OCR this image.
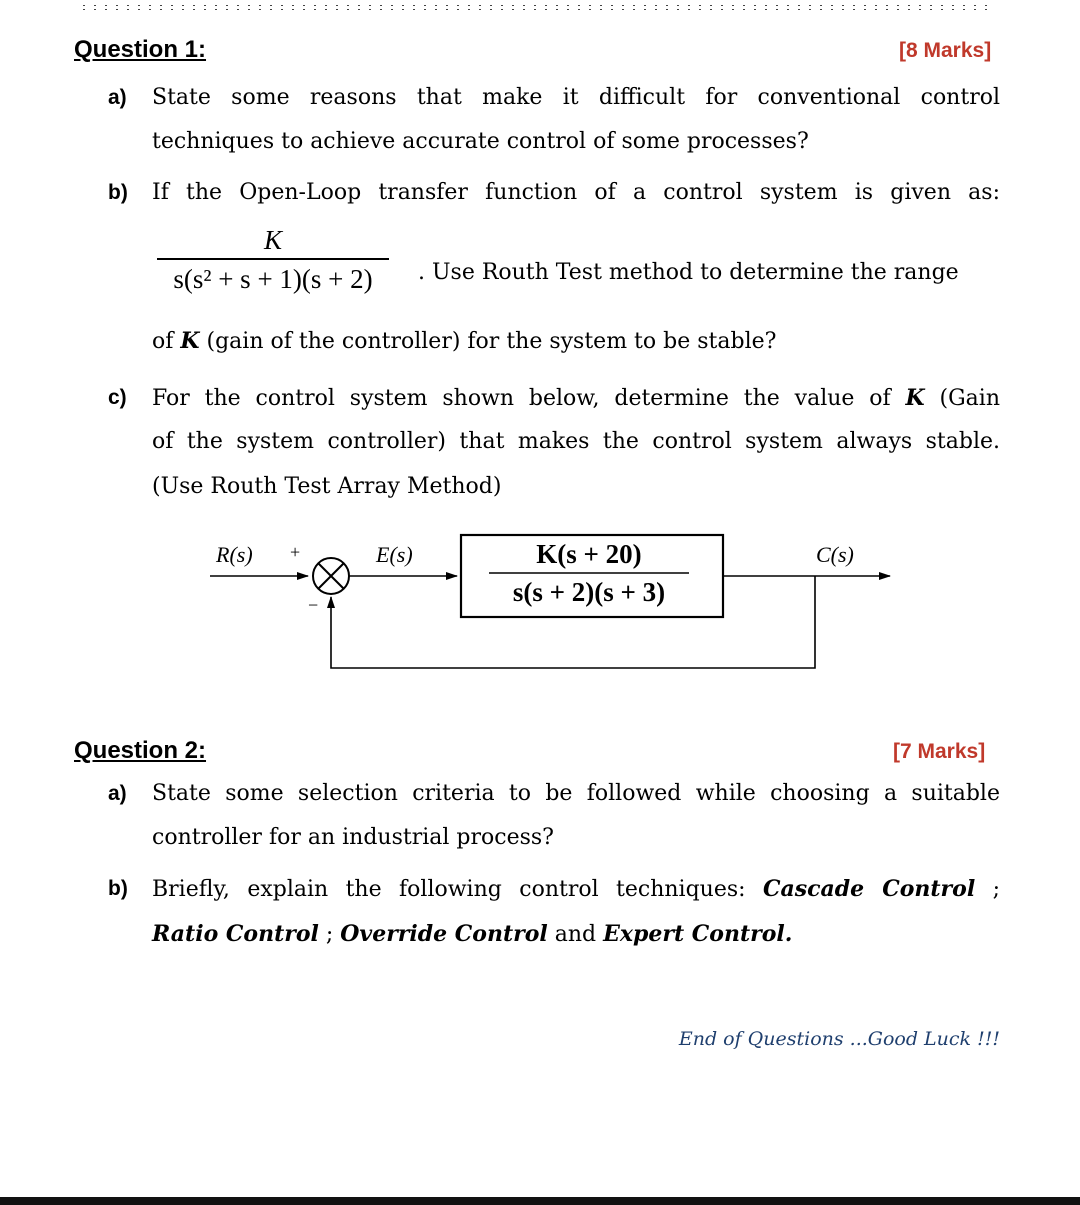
Question 1:	[8 Marks]
a) State some reasons that make it difficult for conventional control
techniques to achieve accurate control of some processes?
b) If the Open-Loop transfer function of a control system is given as:
K
s(s² + s + 1)(s + 2)	. Use Routh Test method to determine the range
of K (gain of the controller) for the system to be stable?
c) For the control system shown below, determine the value of K (Gain
of the system controller) that makes the control system always stable.
(Use Routh Test Array Method)
R(s) +
−
E(s)	K(s + 20)
s(s + 2)(s + 3)
C(s)
Question 2:	[7 Marks]
a) State some selection criteria to be followed while choosing a suitable
controller for an industrial process?
b) Briefly, explain the following control techniques: Cascade Control ;
Ratio Control ; Override Control and Expert Control.
End of Questions ...Good Luck !!!
